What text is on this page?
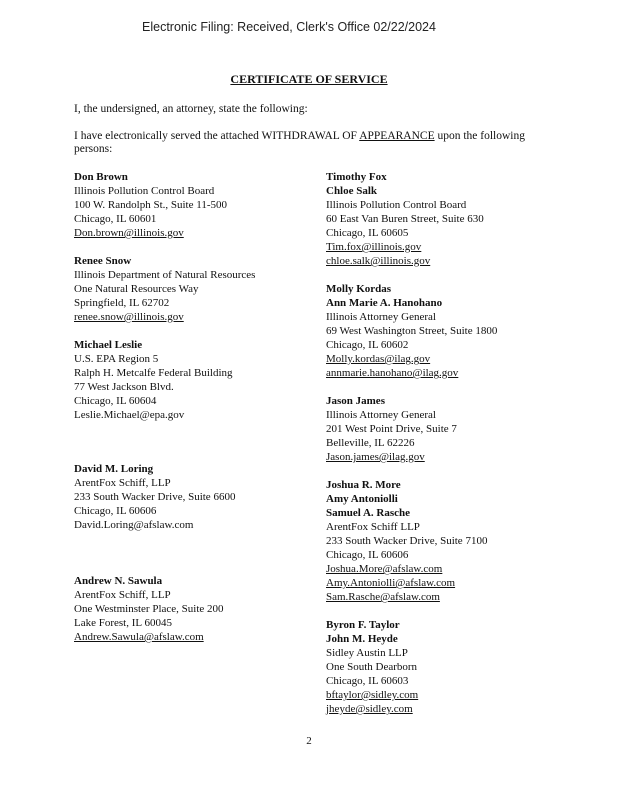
Electronic Filing: Received, Clerk's Office 02/22/2024
CERTIFICATE OF SERVICE
I, the undersigned, an attorney, state the following:
I have electronically served the attached WITHDRAWAL OF APPEARANCE upon the following persons:
Don Brown
Illinois Pollution Control Board
100 W. Randolph St., Suite 11-500
Chicago, IL 60601
Don.brown@illinois.gov
Renee Snow
Illinois Department of Natural Resources
One Natural Resources Way
Springfield, IL 62702
renee.snow@illinois.gov
Michael Leslie
U.S. EPA Region 5
Ralph H. Metcalfe Federal Building
77 West Jackson Blvd.
Chicago, IL 60604
Leslie.Michael@epa.gov
David M. Loring
ArentFox Schiff, LLP
233 South Wacker Drive, Suite 6600
Chicago, IL 60606
David.Loring@afslaw.com
Andrew N. Sawula
ArentFox Schiff, LLP
One Westminster Place, Suite 200
Lake Forest, IL 60045
Andrew.Sawula@afslaw.com
Timothy Fox
Chloe Salk
Illinois Pollution Control Board
60 East Van Buren Street, Suite 630
Chicago, IL 60605
Tim.fox@illinois.gov
chloe.salk@illinois.gov
Molly Kordas
Ann Marie A. Hanohano
Illinois Attorney General
69 West Washington Street, Suite 1800
Chicago, IL 60602
Molly.kordas@ilag.gov
annmarie.hanohano@ilag.gov
Jason James
Illinois Attorney General
201 West Point Drive, Suite 7
Belleville, IL 62226
Jason.james@ilag.gov
Joshua R. More
Amy Antoniolli
Samuel A. Rasche
ArentFox Schiff LLP
233 South Wacker Drive, Suite 7100
Chicago, IL 60606
Joshua.More@afslaw.com
Amy.Antoniolli@afslaw.com
Sam.Rasche@afslaw.com
Byron F. Taylor
John M. Heyde
Sidley Austin LLP
One South Dearborn
Chicago, IL 60603
bftaylor@sidley.com
jheyde@sidley.com
2
